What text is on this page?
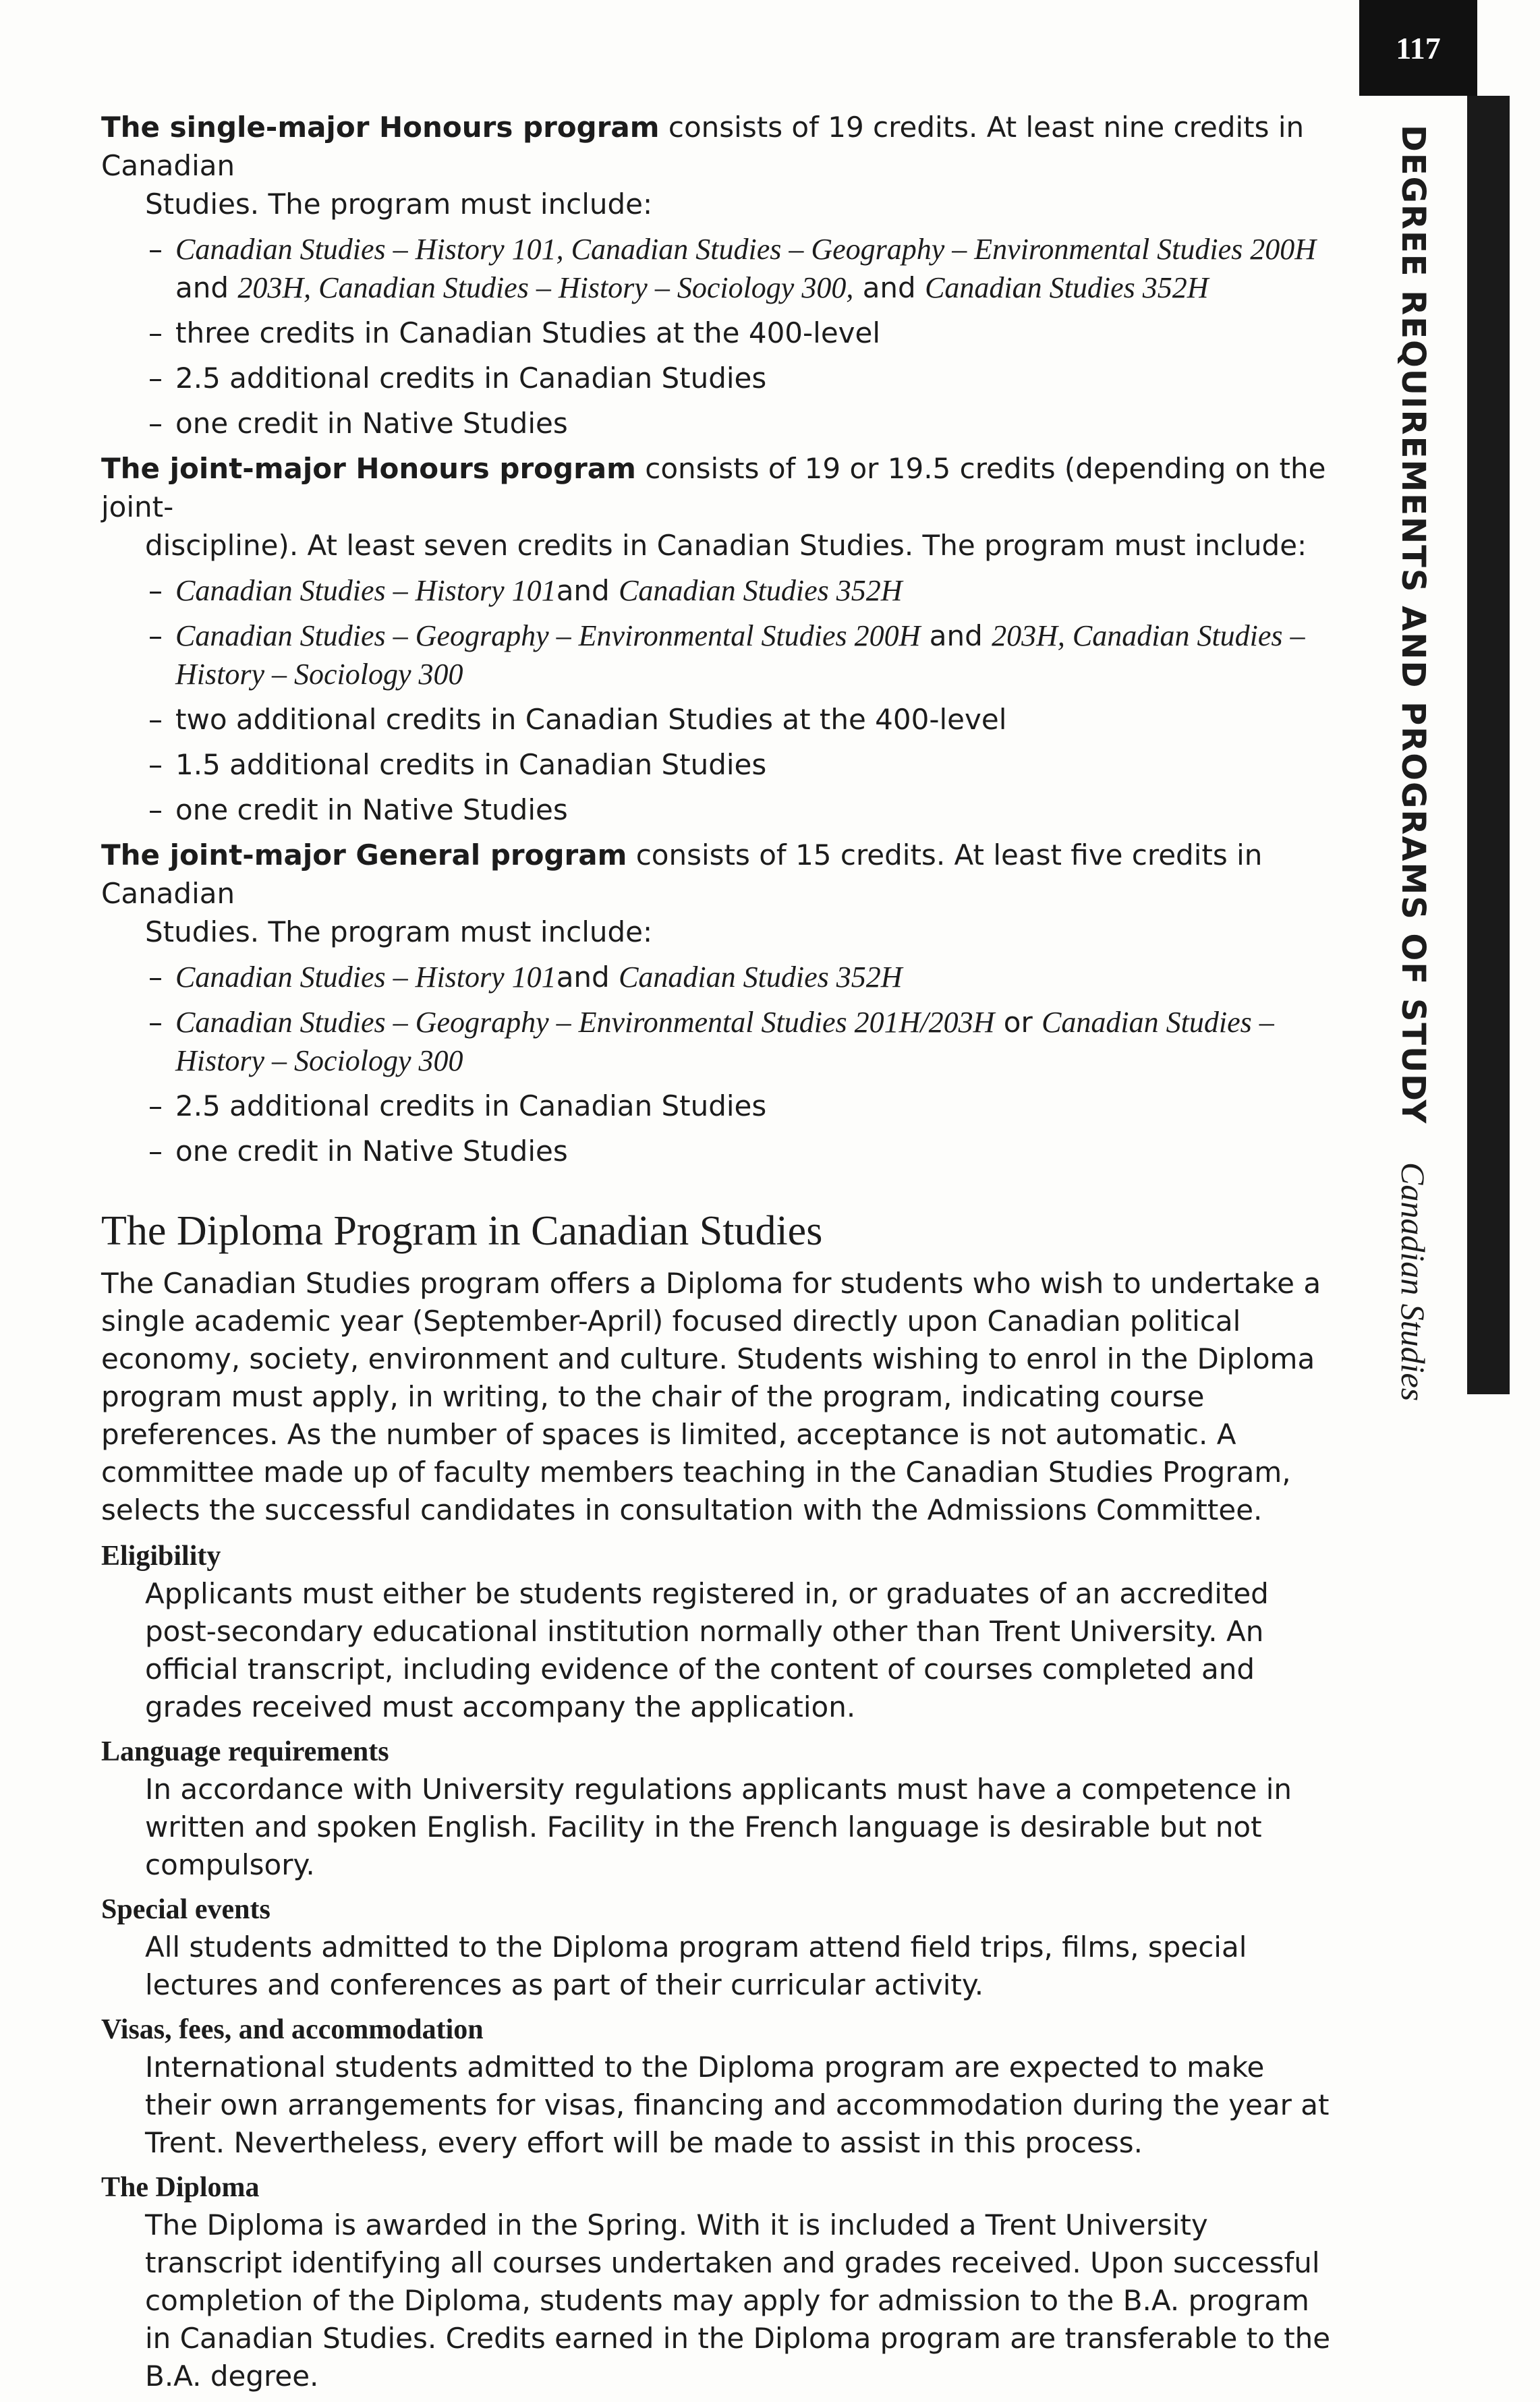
117
DEGREE REQUIREMENTS AND PROGRAMS OF STUDY Canadian Studies

The single-major Honours program consists of 19 credits. At least nine credits in Canadian
Studies. The program must include:

– Canadian Studies – History 101, Canadian Studies – Geography – Environmental Studies 200H and 203H, Canadian Studies – History – Sociology 300, and Canadian Studies 352H
– three credits in Canadian Studies at the 400-level
– 2.5 additional credits in Canadian Studies
– one credit in Native Studies

The joint-major Honours program consists of 19 or 19.5 credits (depending on the joint-
discipline). At least seven credits in Canadian Studies. The program must include:

– Canadian Studies – History 101and Canadian Studies 352H
– Canadian Studies – Geography – Environmental Studies 200H and 203H, Canadian Studies – History – Sociology 300
– two additional credits in Canadian Studies at the 400-level
– 1.5 additional credits in Canadian Studies
– one credit in Native Studies

The joint-major General program consists of 15 credits. At least five credits in Canadian
Studies. The program must include:

– Canadian Studies – History 101and Canadian Studies 352H
– Canadian Studies – Geography – Environmental Studies 201H/203H or Canadian Studies – History – Sociology 300
– 2.5 additional credits in Canadian Studies
– one credit in Native Studies
The Diploma Program in Canadian Studies

The Canadian Studies program offers a Diploma for students who wish to undertake a single academic year (September-April) focused directly upon Canadian political economy, society, environment and culture. Students wishing to enrol in the Diploma program must apply, in writing, to the chair of the program, indicating course preferences. As the number of spaces is limited, acceptance is not automatic. A committee made up of faculty members teaching in the Canadian Studies Program, selects the successful candidates in consultation with the Admissions Committee.

Eligibility

Applicants must either be students registered in, or graduates of an accredited post-secondary educational institution normally other than Trent University. An official transcript, including evidence of the content of courses completed and grades received must accompany the application.

Language requirements

In accordance with University regulations applicants must have a competence in written and spoken English. Facility in the French language is desirable but not compulsory.

Special events

All students admitted to the Diploma program attend field trips, films, special lectures and conferences as part of their curricular activity.

Visas, fees, and accommodation

International students admitted to the Diploma program are expected to make their own arrangements for visas, financing and accommodation during the year at Trent. Nevertheless, every effort will be made to assist in this process.

The Diploma

The Diploma is awarded in the Spring. With it is included a Trent University transcript identifying all courses undertaken and grades received. Upon successful completion of the Diploma, students may apply for admission to the B.A. program in Canadian Studies. Credits earned in the Diploma program are transferable to the B.A. degree.
